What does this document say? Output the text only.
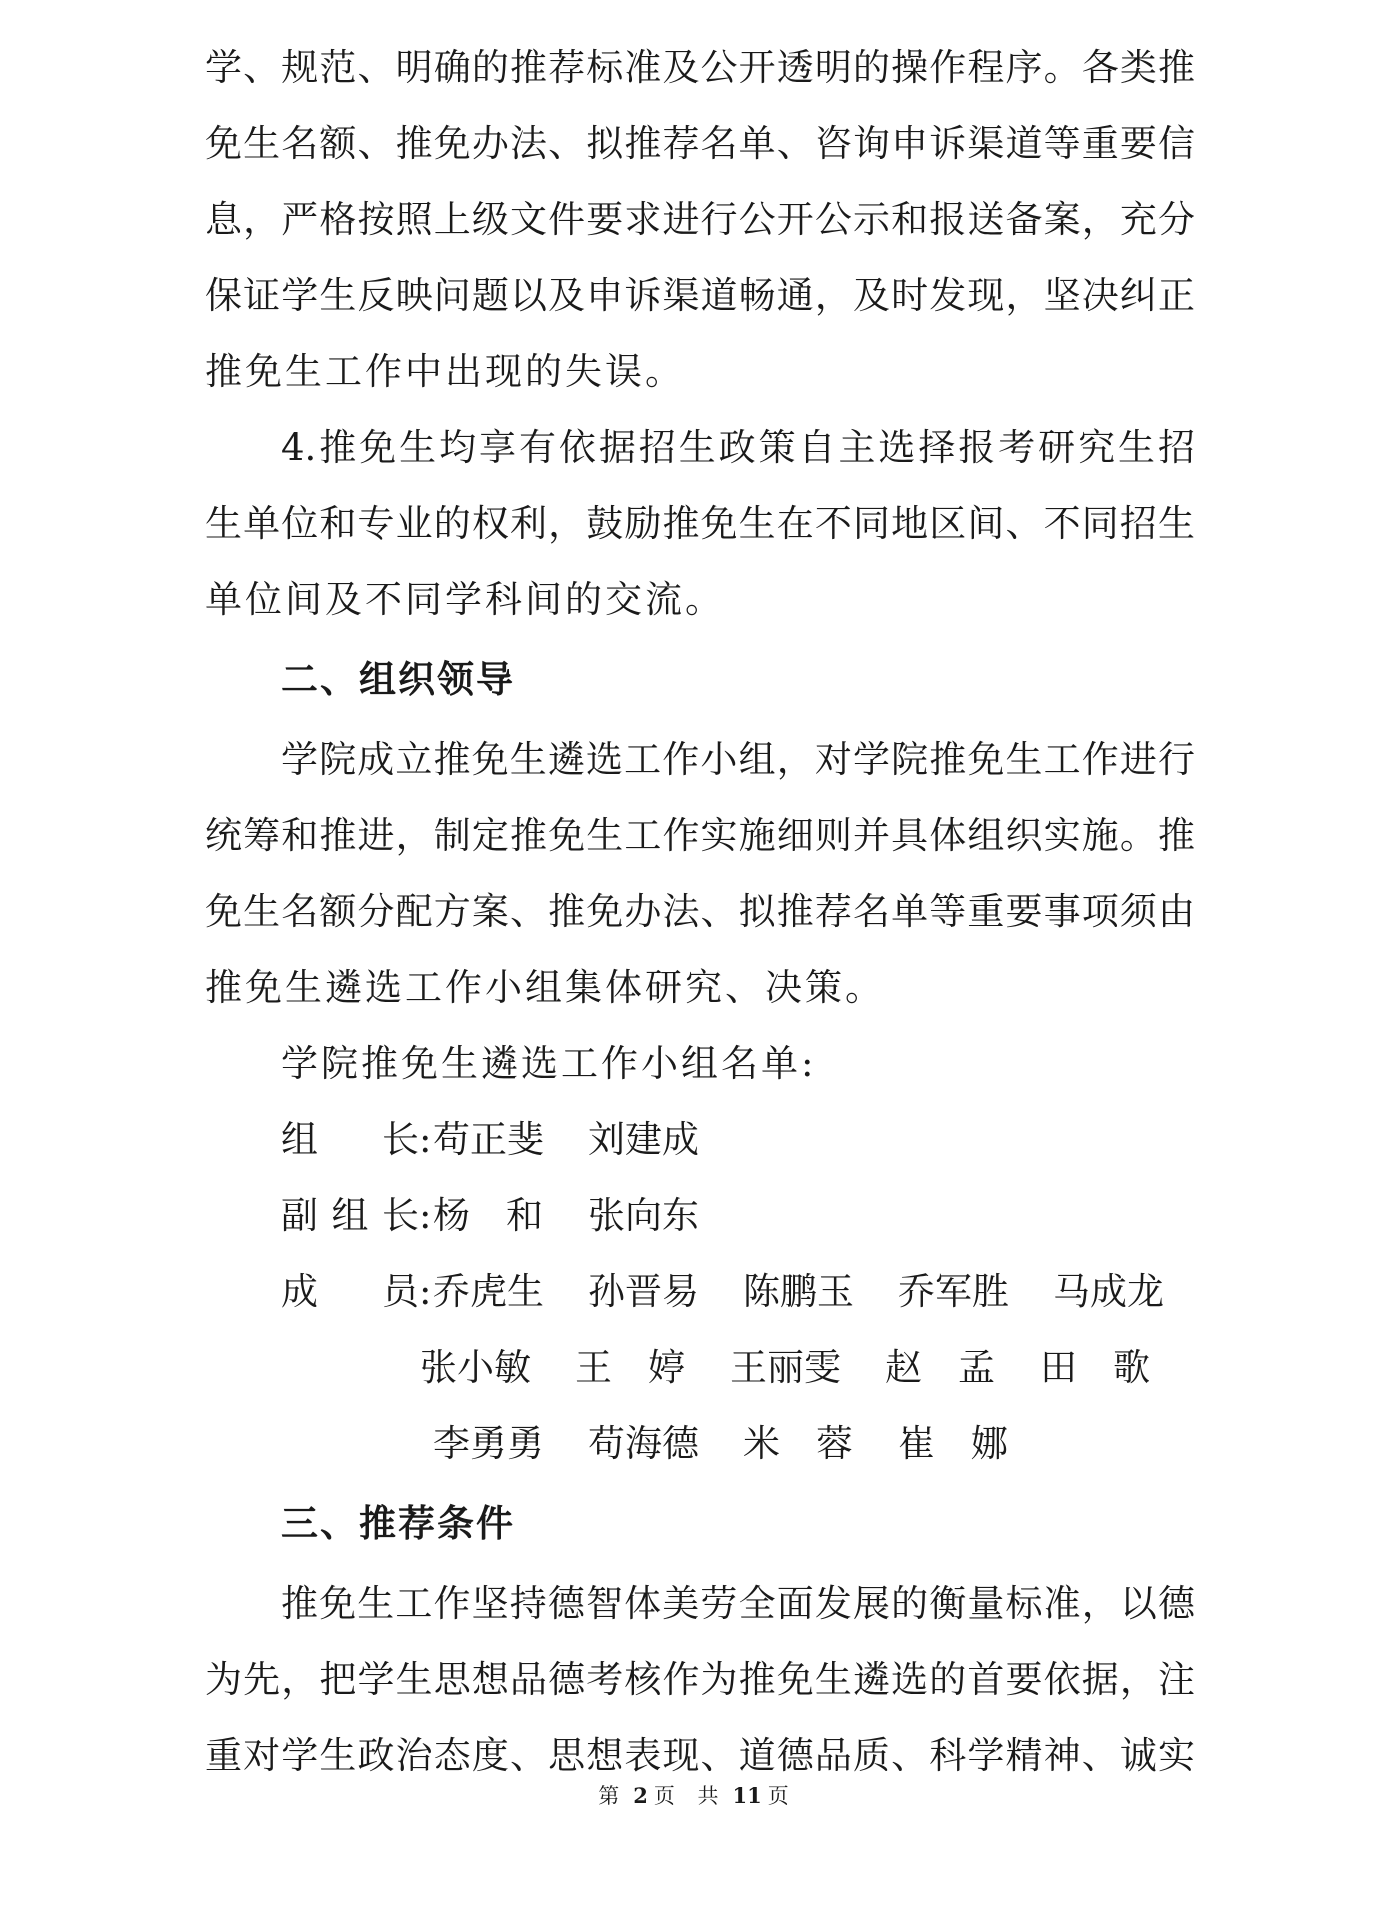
学、规范、明确的推荐标准及公开透明的操作程序。各类推
免生名额、推免办法、拟推荐名单、咨询申诉渠道等重要信
息，严格按照上级文件要求进行公开公示和报送备案，充分
保证学生反映问题以及申诉渠道畅通，及时发现，坚决纠正
推免生工作中出现的失误。
4.推免生均享有依据招生政策自主选择报考研究生招
生单位和专业的权利，鼓励推免生在不同地区间、不同招生
单位间及不同学科间的交流。
二、组织领导
学院成立推免生遴选工作小组，对学院推免生工作进行
统筹和推进，制定推免生工作实施细则并具体组织实施。推
免生名额分配方案、推免办法、拟推荐名单等重要事项须由
推免生遴选工作小组集体研究、决策。
学院推免生遴选工作小组名单:
组长 : 苟正斐 刘建成
副组长 : 杨和 张向东
成员 : 乔虎生 孙晋易 陈鹏玉 乔军胜 马成龙
张小敏 王婷 王丽雯 赵孟 田歌
李勇勇 苟海德 米蓉 崔娜
三、推荐条件
推免生工作坚持德智体美劳全面发展的衡量标准，以德
为先，把学生思想品德考核作为推免生遴选的首要依据，注
重对学生政治态度、思想表现、道德品质、科学精神、诚实
第 2 页 共 11 页
